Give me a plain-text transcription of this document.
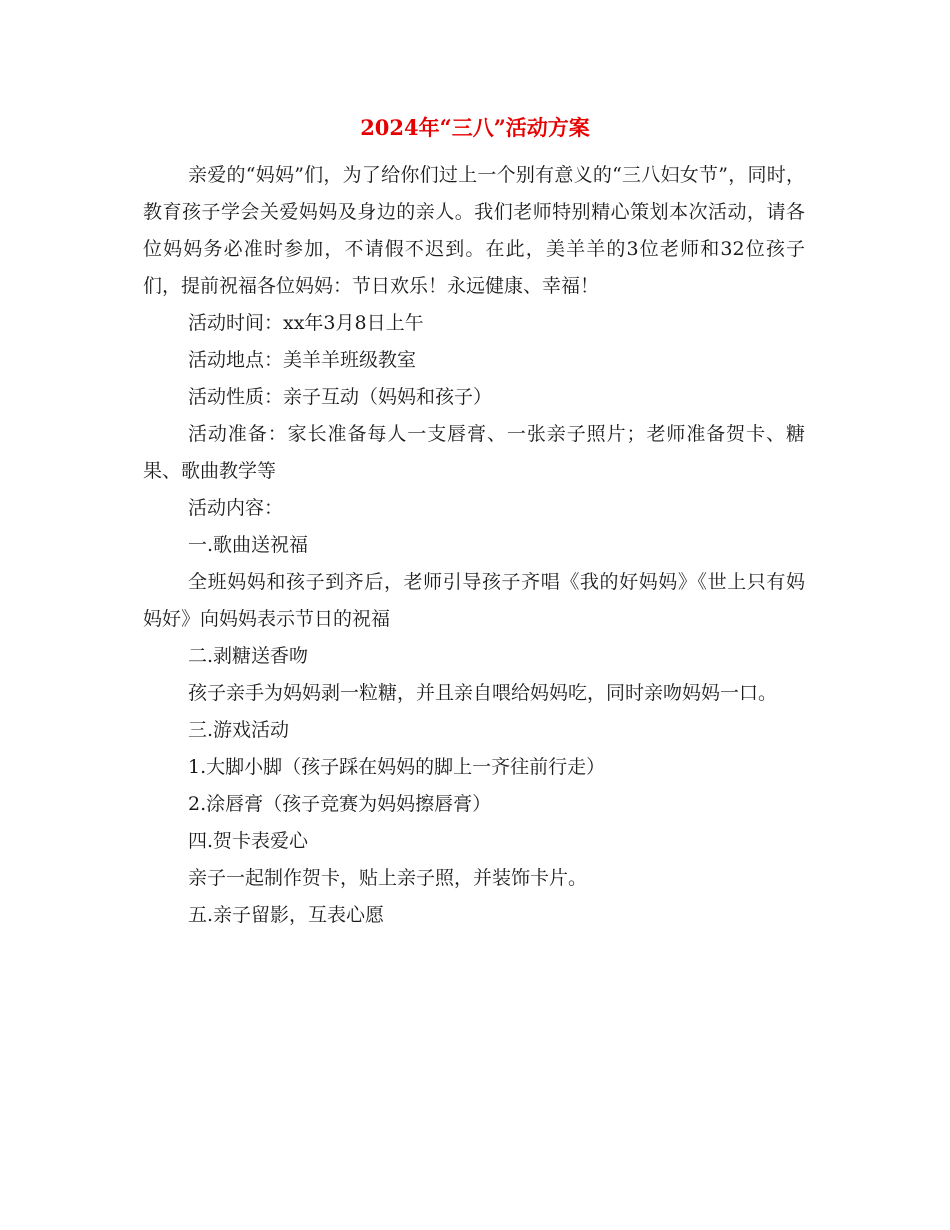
2024年“三八”活动方案

亲爱的“妈妈”们，为了给你们过上一个别有意义的“三八妇女节”，同时，教育孩子学会关爱妈妈及身边的亲人。我们老师特别精心策划本次活动，请各位妈妈务必准时参加，不请假不迟到。在此，美羊羊的3位老师和32位孩子们，提前祝福各位妈妈：节日欢乐！永远健康、幸福！

活动时间：xx年3月8日上午

活动地点：美羊羊班级教室

活动性质：亲子互动（妈妈和孩子）

活动准备：家长准备每人一支唇膏、一张亲子照片；老师准备贺卡、糖果、歌曲教学等

活动内容：

一.歌曲送祝福

全班妈妈和孩子到齐后，老师引导孩子齐唱《我的好妈妈》《世上只有妈妈好》向妈妈表示节日的祝福

二.剥糖送香吻

孩子亲手为妈妈剥一粒糖，并且亲自喂给妈妈吃，同时亲吻妈妈一口。

三.游戏活动

1.大脚小脚（孩子踩在妈妈的脚上一齐往前行走）

2.涂唇膏（孩子竞赛为妈妈擦唇膏）

四.贺卡表爱心

亲子一起制作贺卡，贴上亲子照，并装饰卡片。

五.亲子留影，互表心愿
